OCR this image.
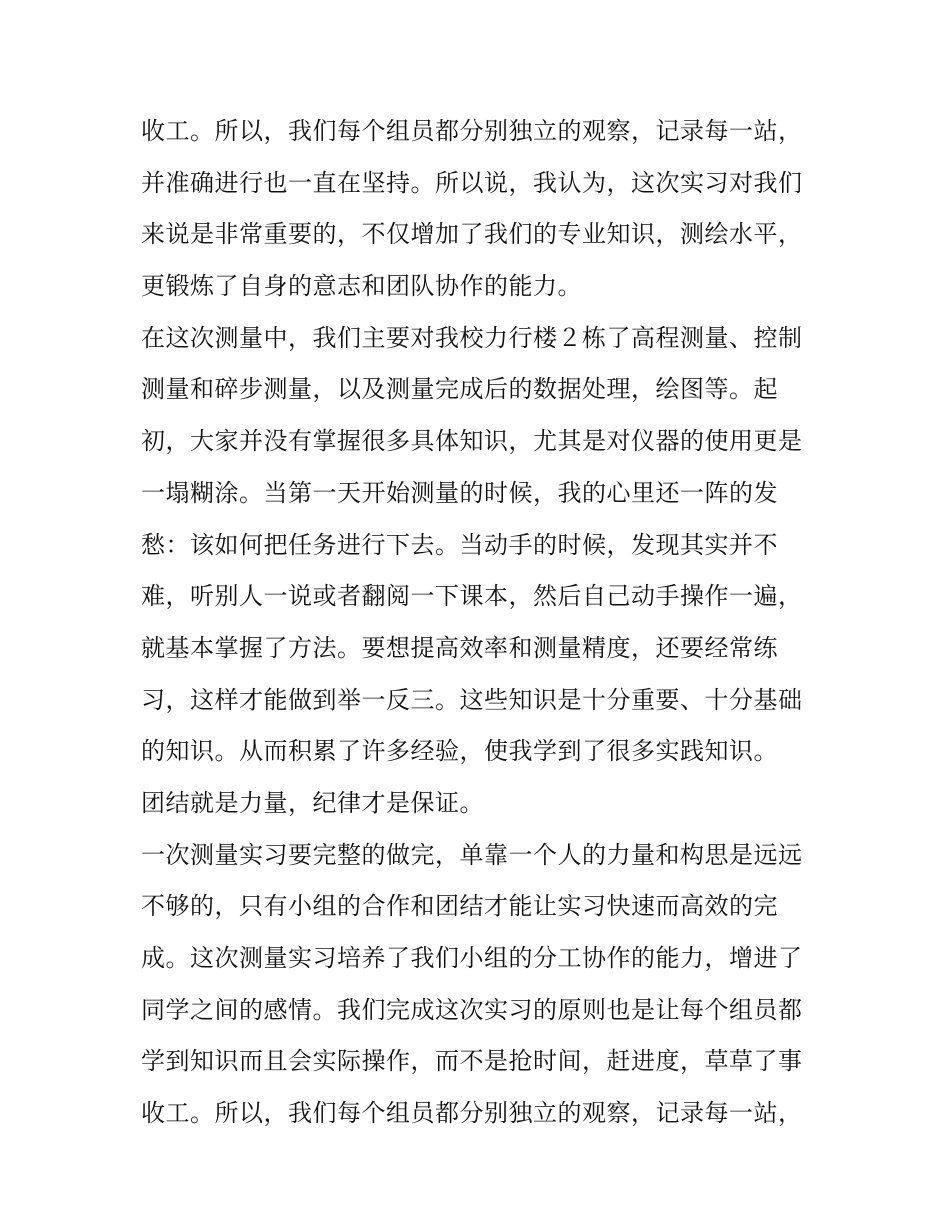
收工。所以，我们每个组员都分别独立的观察，记录每一站，
并准确进行也一直在坚持。所以说，我认为，这次实习对我们
来说是非常重要的，不仅增加了我们的专业知识，测绘水平，
更锻炼了自身的意志和团队协作的能力。
在这次测量中，我们主要对我校力行楼２栋了高程测量、控制
测量和碎步测量，以及测量完成后的数据处理，绘图等。起
初，大家并没有掌握很多具体知识，尤其是对仪器的使用更是
一塌糊涂。当第一天开始测量的时候，我的心里还一阵的发
愁：该如何把任务进行下去。当动手的时候，发现其实并不
难，听别人一说或者翻阅一下课本，然后自己动手操作一遍，
就基本掌握了方法。要想提高效率和测量精度，还要经常练
习，这样才能做到举一反三。这些知识是十分重要、十分基础
的知识。从而积累了许多经验，使我学到了很多实践知识。
团结就是力量，纪律才是保证。
一次测量实习要完整的做完，单靠一个人的力量和构思是远远
不够的，只有小组的合作和团结才能让实习快速而高效的完
成。这次测量实习培养了我们小组的分工协作的能力，增进了
同学之间的感情。我们完成这次实习的原则也是让每个组员都
学到知识而且会实际操作，而不是抢时间，赶进度，草草了事
收工。所以，我们每个组员都分别独立的观察，记录每一站，
